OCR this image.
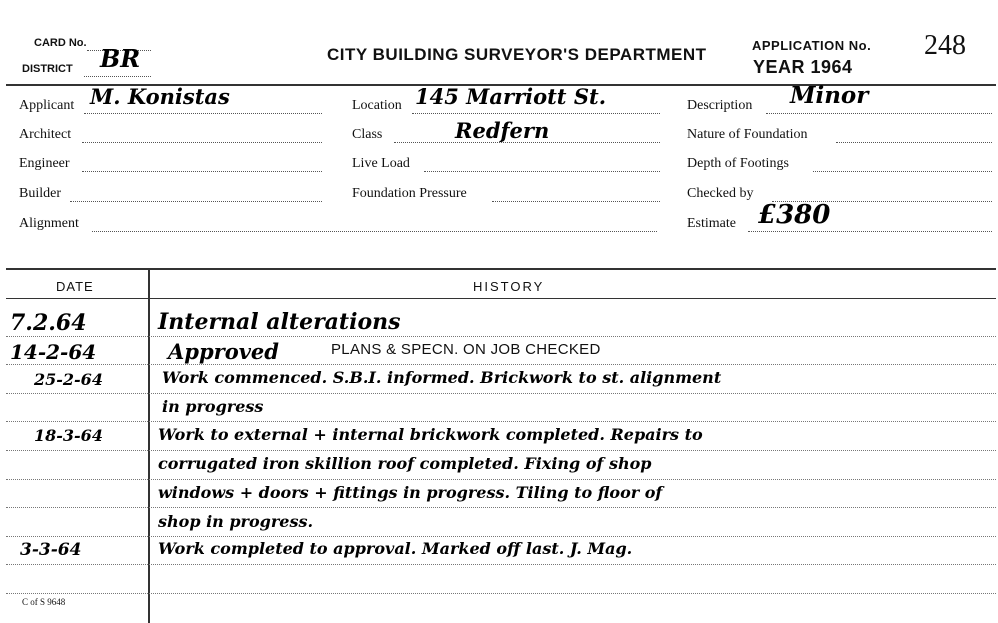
CARD No.
DISTRICT BR	CITY BUILDING SURVEYOR'S DEPARTMENT	APPLICATION No. 248
YEAR 1964
Applicant M. Konistas
Architect
Engineer
Builder
Alignment
Location 145 Marriott St.
Class	Redfern
Live Load
Foundation Pressure
Description Minor
Nature of Foundation
Depth of Footings
Checked by
Estimate £380
DATE	HISTORY
7.2.64	Internal alterations
14-2-64	Approved	PLANS & SPECN. ON JOB CHECKED
25-2-64	Work commenced. S.B.I. informed. Brickwork to st. alignment
in progress
18-3-64	Work to external + internal brickwork completed. Repairs to
corrugated iron skillion roof completed. Fixing of shop
windows + doors + fittings in progress. Tiling to floor of
shop in progress.
3-3-64	Work completed to approval. Marked off last. J. Mag.
C of S 9648
